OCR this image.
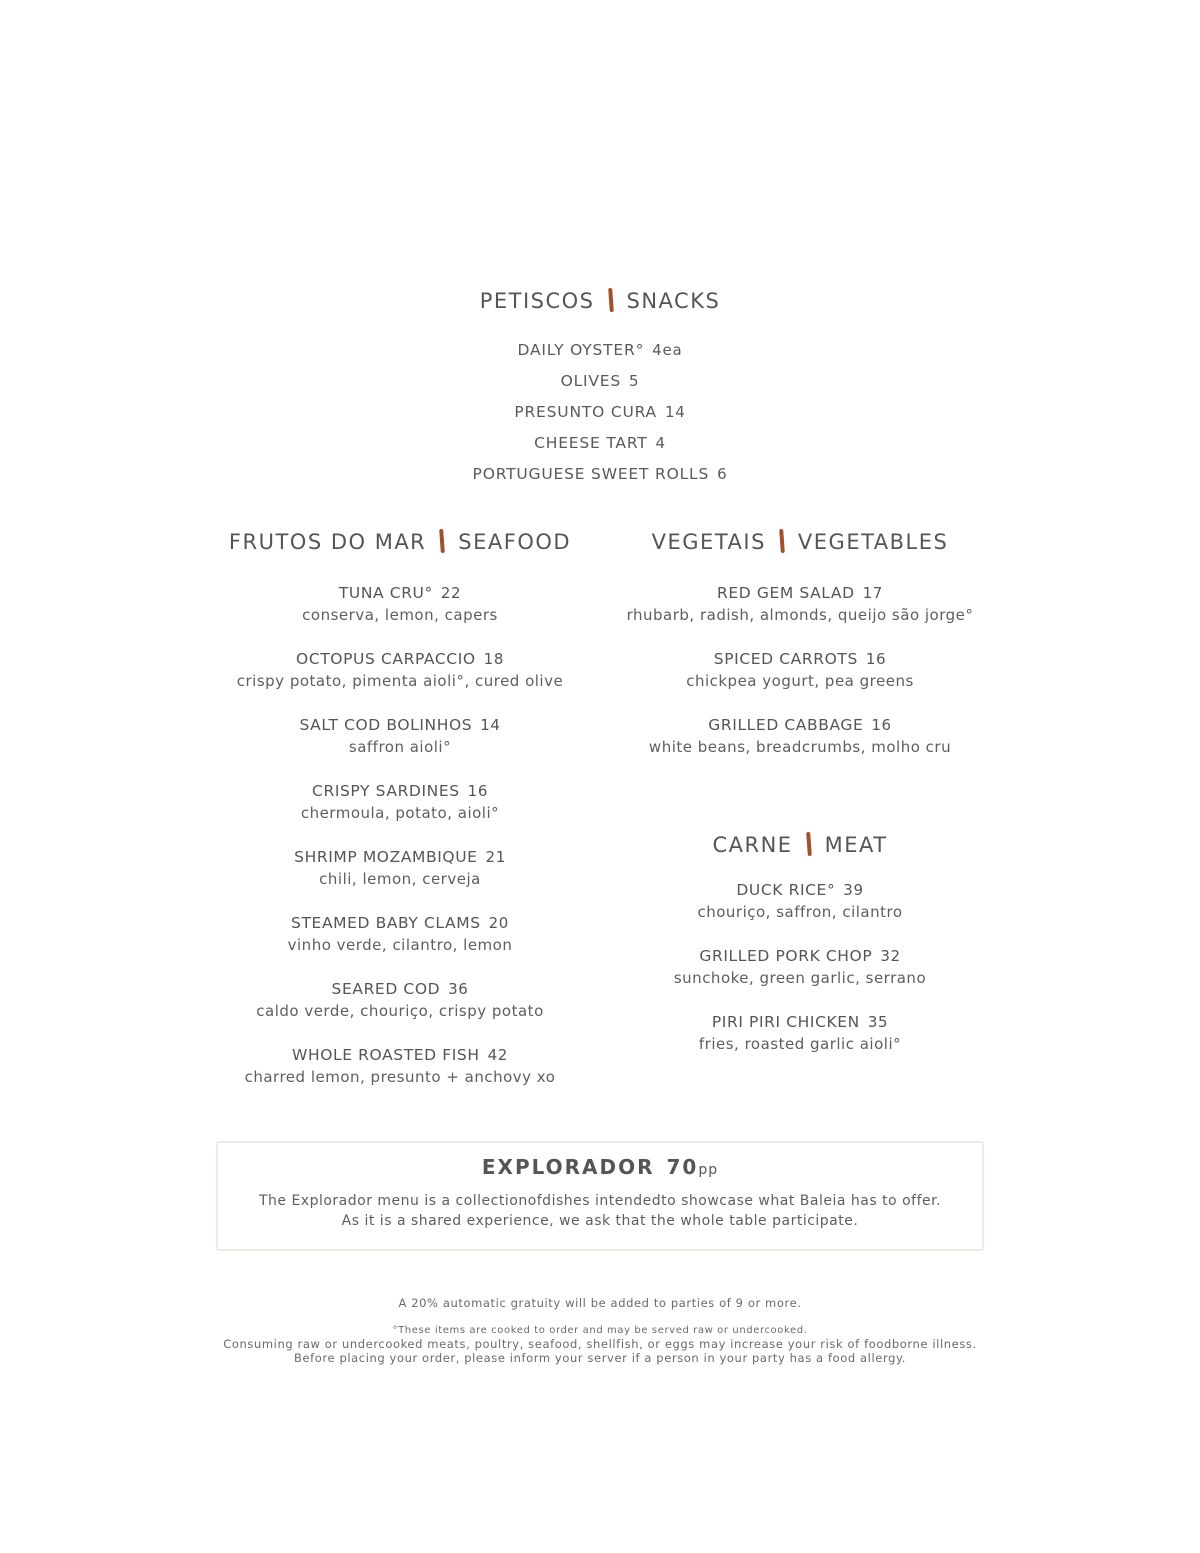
PETISCOS SNACKS
DAILY OYSTER° 4ea
OLIVES 5
PRESUNTO CURA 14
CHEESE TART 4
PORTUGUESE SWEET ROLLS 6
FRUTOS DO MAR SEAFOOD
TUNA CRU° 22
conserva, lemon, capers
OCTOPUS CARPACCIO 18
crispy potato, pimenta aioli°, cured olive
SALT COD BOLINHOS 14
saffron aioli°
CRISPY SARDINES 16
chermoula, potato, aioli°
SHRIMP MOZAMBIQUE 21
chili, lemon, cerveja
STEAMED BABY CLAMS 20
vinho verde, cilantro, lemon
SEARED COD 36
caldo verde, chouriço, crispy potato
WHOLE ROASTED FISH 42
charred lemon, presunto + anchovy xo
VEGETAIS VEGETABLES
RED GEM SALAD 17
rhubarb, radish, almonds, queijo são jorge°
SPICED CARROTS 16
chickpea yogurt, pea greens
GRILLED CABBAGE 16
white beans, breadcrumbs, molho cru
CARNE MEAT
DUCK RICE° 39
chouriço, saffron, cilantro
GRILLED PORK CHOP 32
sunchoke, green garlic, serrano
PIRI PIRI CHICKEN 35
fries, roasted garlic aioli°
EXPLORADOR 70pp
The Explorador menu is a collectionofdishes intendedto showcase what Baleia has to offer.
As it is a shared experience, we ask that the whole table participate.
A 20% automatic gratuity will be added to parties of 9 or more.
°These items are cooked to order and may be served raw or undercooked.
Consuming raw or undercooked meats, poultry, seafood, shellfish, or eggs may increase your risk of foodborne illness.
Before placing your order, please inform your server if a person in your party has a food allergy.
